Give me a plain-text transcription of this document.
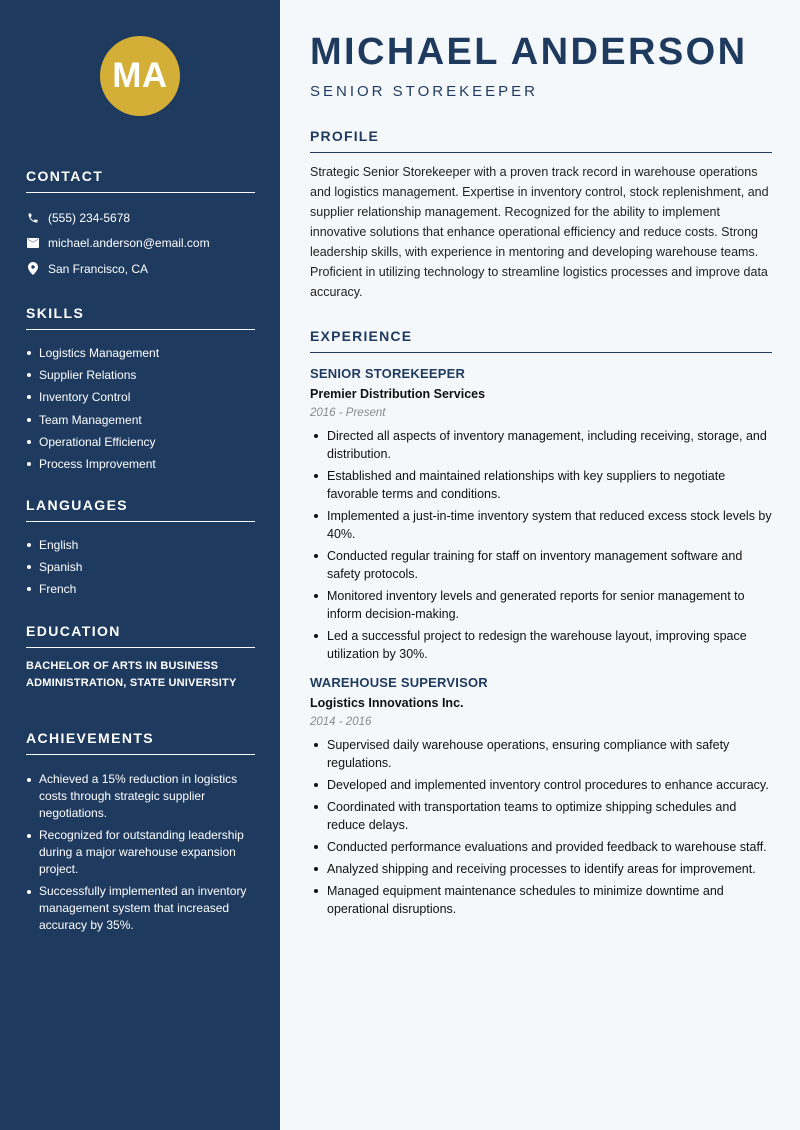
MA
CONTACT
(555) 234-5678
michael.anderson@email.com
San Francisco, CA
SKILLS
Logistics Management
Supplier Relations
Inventory Control
Team Management
Operational Efficiency
Process Improvement
LANGUAGES
English
Spanish
French
EDUCATION
BACHELOR OF ARTS IN BUSINESS
ADMINISTRATION, STATE UNIVERSITY
ACHIEVEMENTS
Achieved a 15% reduction in logistics costs through strategic supplier negotiations.
Recognized for outstanding leadership during a major warehouse expansion project.
Successfully implemented an inventory management system that increased accuracy by 35%.
MICHAEL ANDERSON
SENIOR STOREKEEPER
PROFILE

Strategic Senior Storekeeper with a proven track record in warehouse operations and logistics management. Expertise in inventory control, stock replenishment, and supplier relationship management. Recognized for the ability to implement innovative solutions that enhance operational efficiency and reduce costs. Strong leadership skills, with experience in mentoring and developing warehouse teams. Proficient in utilizing technology to streamline logistics processes and improve data accuracy.

EXPERIENCE
SENIOR STOREKEEPER
Premier Distribution Services
2016 - Present
Directed all aspects of inventory management, including receiving, storage, and distribution.
Established and maintained relationships with key suppliers to negotiate favorable terms and conditions.
Implemented a just-in-time inventory system that reduced excess stock levels by 40%.
Conducted regular training for staff on inventory management software and safety protocols.
Monitored inventory levels and generated reports for senior management to inform decision-making.
Led a successful project to redesign the warehouse layout, improving space utilization by 30%.
WAREHOUSE SUPERVISOR
Logistics Innovations Inc.
2014 - 2016
Supervised daily warehouse operations, ensuring compliance with safety regulations.
Developed and implemented inventory control procedures to enhance accuracy.
Coordinated with transportation teams to optimize shipping schedules and reduce delays.
Conducted performance evaluations and provided feedback to warehouse staff.
Analyzed shipping and receiving processes to identify areas for improvement.
Managed equipment maintenance schedules to minimize downtime and operational disruptions.
